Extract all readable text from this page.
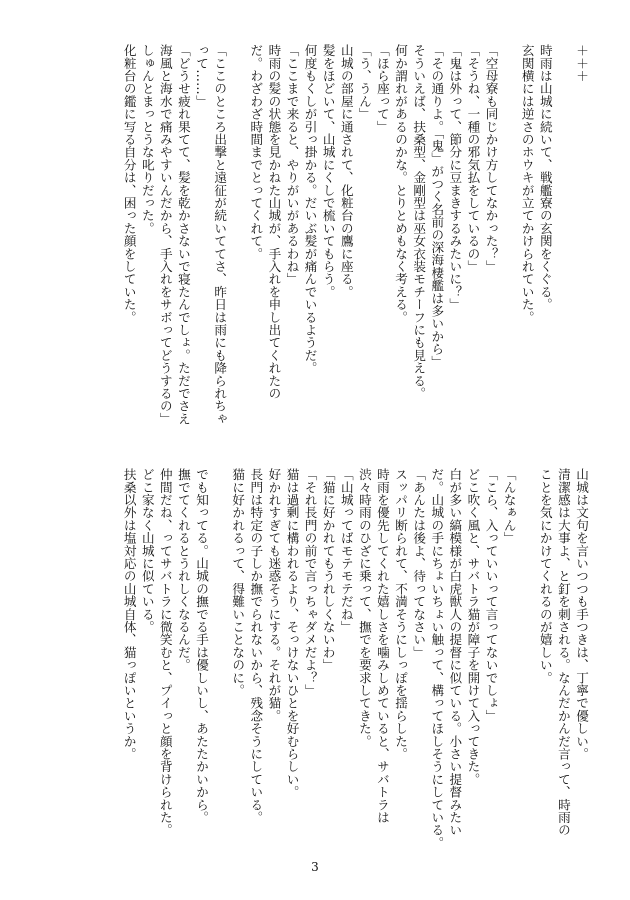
＋＋＋

時雨は山城に続いて、戦艦寮の玄関をくぐる。

玄関横には逆さのホウキが立てかけられていた。

「空母寮も同じかけ方してなかった？」

「そうね、一種の邪気払をしているの」

「鬼は外って、節分に豆まきするみたいに？」

「その通りよ。「鬼」がつく名前の深海棲艦は多いから」

そういえば、扶桑型、金剛型は巫女衣装モチーフにも見える。

何か謂れがあるのかな。とりとめもなく考える。

「ほら座って」

「う、うん」

山城の部屋に通されて、化粧台の鷹に座る。

髪をほどいて、山城にくしで梳いてもらう。

何度もくしが引っ掛かる。だいぶ髪が痛んでいるようだ。

「ここまで来ると、やりがいがあるわね」

時雨の髪の状態を見かねた山城が、手入れを申し出てくれたの

だ。わざわざ時間までとってくれて。

「ここのところ出撃と遠征が続いててさ、昨日は雨にも降られちゃ

って……」

「どうせ疲れ果てて、髪を乾かさないで寝たんでしょ。ただでさえ

海風と海水で痛みやすいんだから、手入れをサボってどうするの」

しゅんとまっとうな叱りだった。

化粧台の鑑に写る自分は、困った顔をしていた。

山城は文句を言いつつも手つきは、丁寧で優しい。

清潔感は大事よ、と釘を刺される。なんだかんだ言って、時雨の

ことを気にかけてくれるのが嬉しい。

「んなぁん」

「こら、入っていいって言ってないでしょ」

どこ吹く風と、サバトラ猫が障子を開けて入ってきた。

白が多い縞模様が白虎獣人の提督に似ている。小さい提督みたい

だ。山城の手にちょいちょい触って、構ってほしそうにしている。

「あんたは後よ、待ってなさい」

スッパリ断られて、不満そうにしっぽを揺らした。

時雨を優先してくれた嬉しさを噛みしめていると、サバトラは

渋々時雨のひざに乗って、撫でを要求してきた。

「山城ってばモテモテだね」

「猫に好かれてもうれしくないわ」

「それ長門の前で言っちゃダメだよ？」

猫は過剰に構われるより、そっけないひとを好むらしい。

好かれすぎても迷惑そうにする。それが猫。

長門は特定の子しか撫でられないから、残念そうにしている。

猫に好かれるって、得難いことなのに。

でも知ってる。山城の撫でる手は優しいし、あたたかいから。

撫でてくれるとうれしくなるんだ。

仲間だね、ってサバトラに微笑むと、プイっと顔を背けられた。

どこ家なく山城に似ている。

扶桑以外は塩対応の山城自体、猫っぽいというか。

3
